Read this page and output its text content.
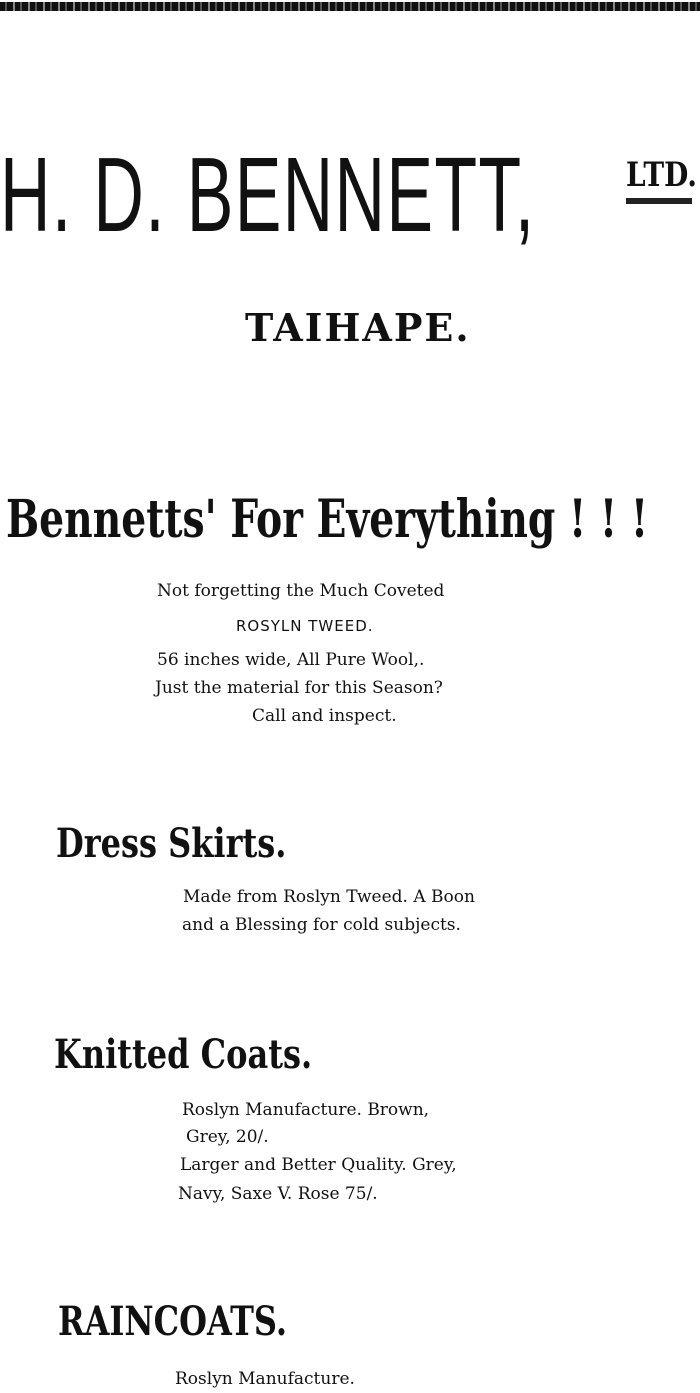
H. D. BENNETT,	LTD.
TAIHAPE.
Bennetts' For Everything ! ! !
Not forgetting the Much Coveted
ROSYLN TWEED.
56 inches wide, All Pure Wool,.
Just the material for this Season?
Call and inspect.
Dress Skirts.
Made from Roslyn Tweed. A Boon
and a Blessing for cold subjects.
Knitted Coats.
Roslyn Manufacture. Brown,
Grey, 20/.
Larger and Better Quality. Grey,
Navy, Saxe V. Rose 75/.
RAINCOATS.
Roslyn Manufacture.
